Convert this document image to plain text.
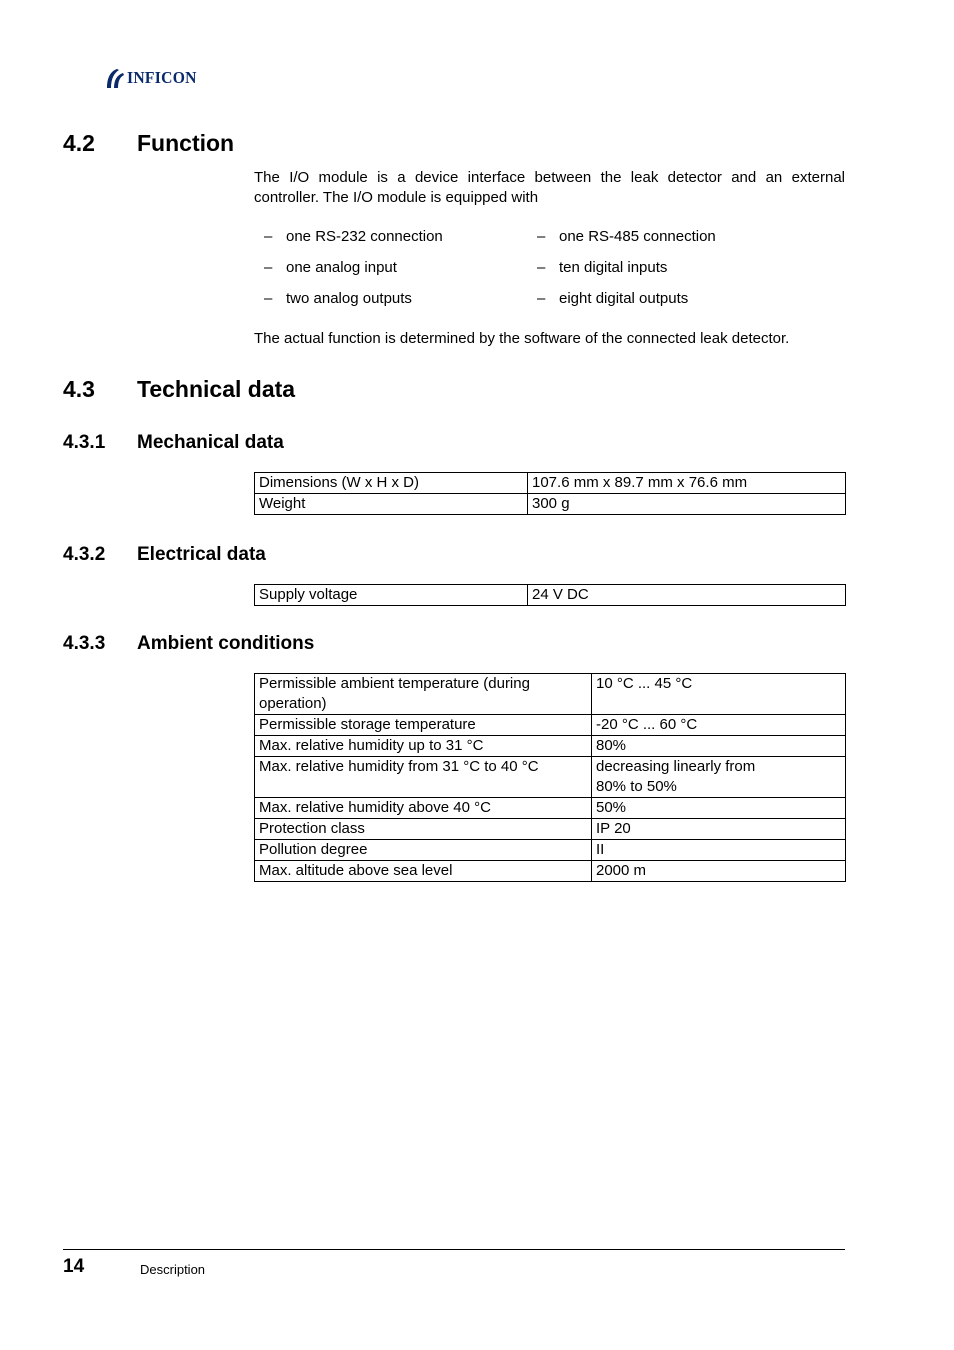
INFICON
4.2 Function
The I/O module is a device interface between the leak detector and an external controller. The I/O module is equipped with
– one RS-232 connection
– one analog input
– two analog outputs
– one RS-485 connection
– ten digital inputs
– eight digital outputs
The actual function is determined by the software of the connected leak detector.
4.3 Technical data
4.3.1 Mechanical data
Dimensions (W x H x D)	107.6 mm x 89.7 mm x 76.6 mm
Weight	300 g
4.3.2 Electrical data
Supply voltage	24 V DC
4.3.3 Ambient conditions
Permissible ambient temperature (during
operation)	10 °C ... 45 °C

Permissible storage temperature	-20 °C ... 60 °C

Max. relative humidity up to 31 °C	80%

Max. relative humidity from 31 °C to 40 °C	decreasing linearly from
80% to 50%

Max. relative humidity above 40 °C	50%

Protection class	IP 20

Pollution degree	II

Max. altitude above sea level	2000 m
14	Description
